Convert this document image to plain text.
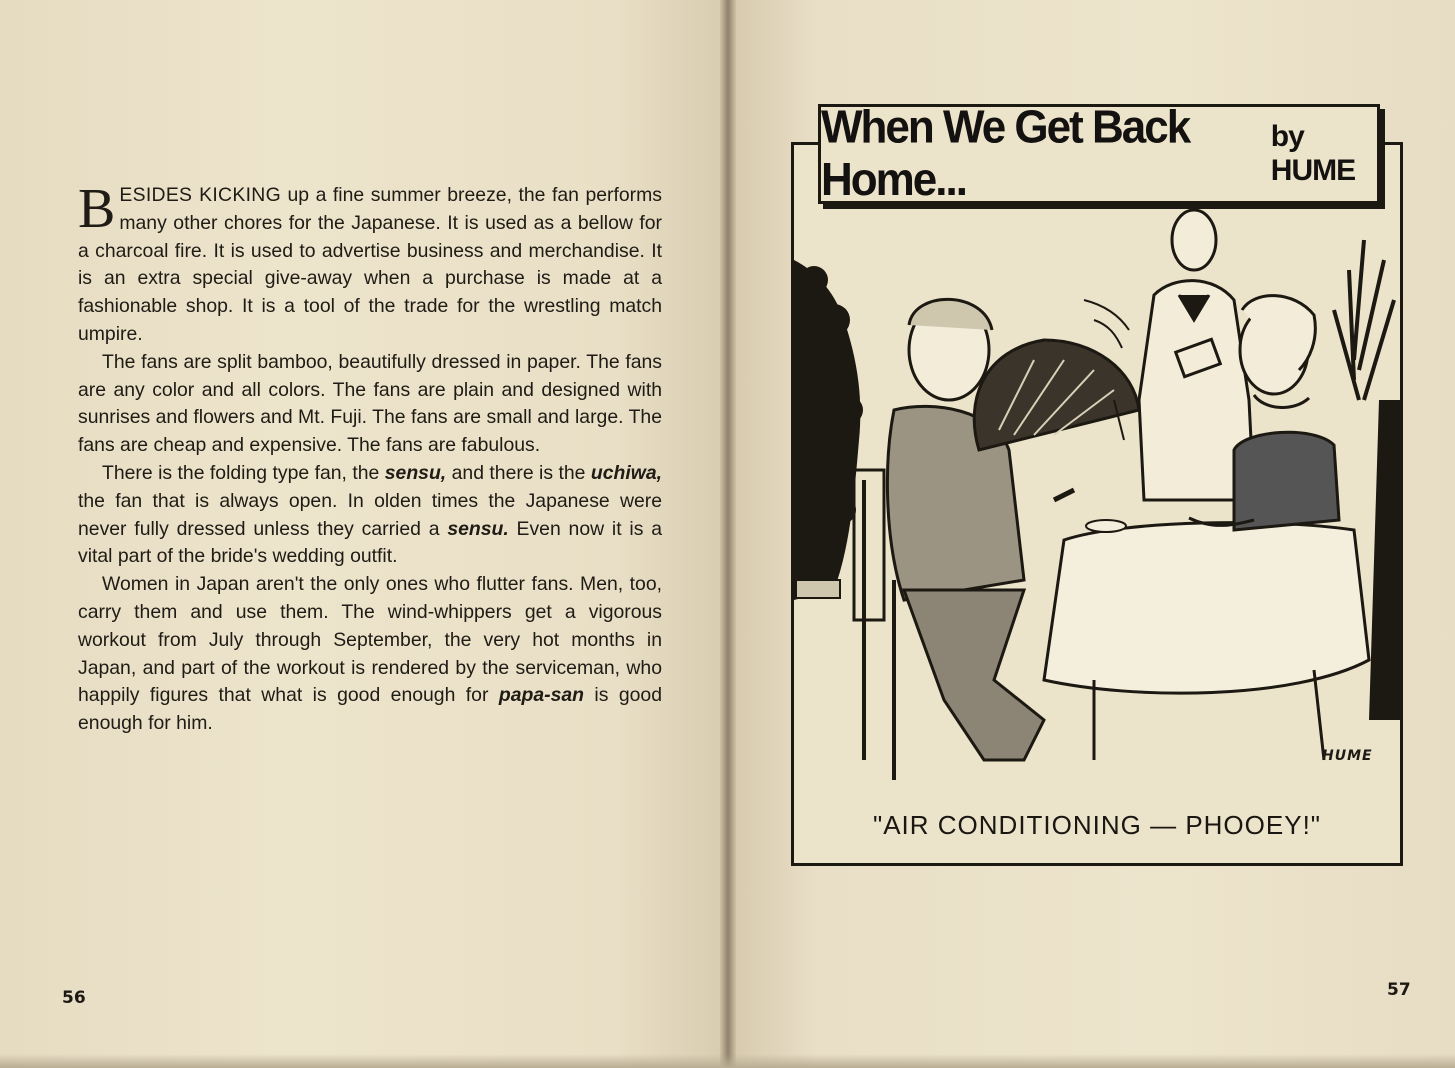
BESIDES KICKING up a fine summer breeze, the fan performs many other chores for the Japanese. It is used as a bellow for a charcoal fire. It is used to advertise business and merchandise. It is an extra special give-away when a purchase is made at a fashionable shop. It is a tool of the trade for the wrestling match umpire.

The fans are split bamboo, beautifully dressed in paper. The fans are any color and all colors. The fans are plain and designed with sunrises and flowers and Mt. Fuji. The fans are small and large. The fans are cheap and expensive. The fans are fabulous.

There is the folding type fan, the sensu, and there is the uchiwa, the fan that is always open. In olden times the Japanese were never fully dressed unless they carried a sensu. Even now it is a vital part of the bride's wedding outfit.

Women in Japan aren't the only ones who flutter fans. Men, too, carry them and use them. The wind-whippers get a vigorous workout from July through September, the very hot months in Japan, and part of the workout is rendered by the serviceman, who happily figures that what is good enough for papa-san is good enough for him.

56
When We Get Back Home...
by HUME
HUME
"AIR CONDITIONING — PHOOEY!"
57
